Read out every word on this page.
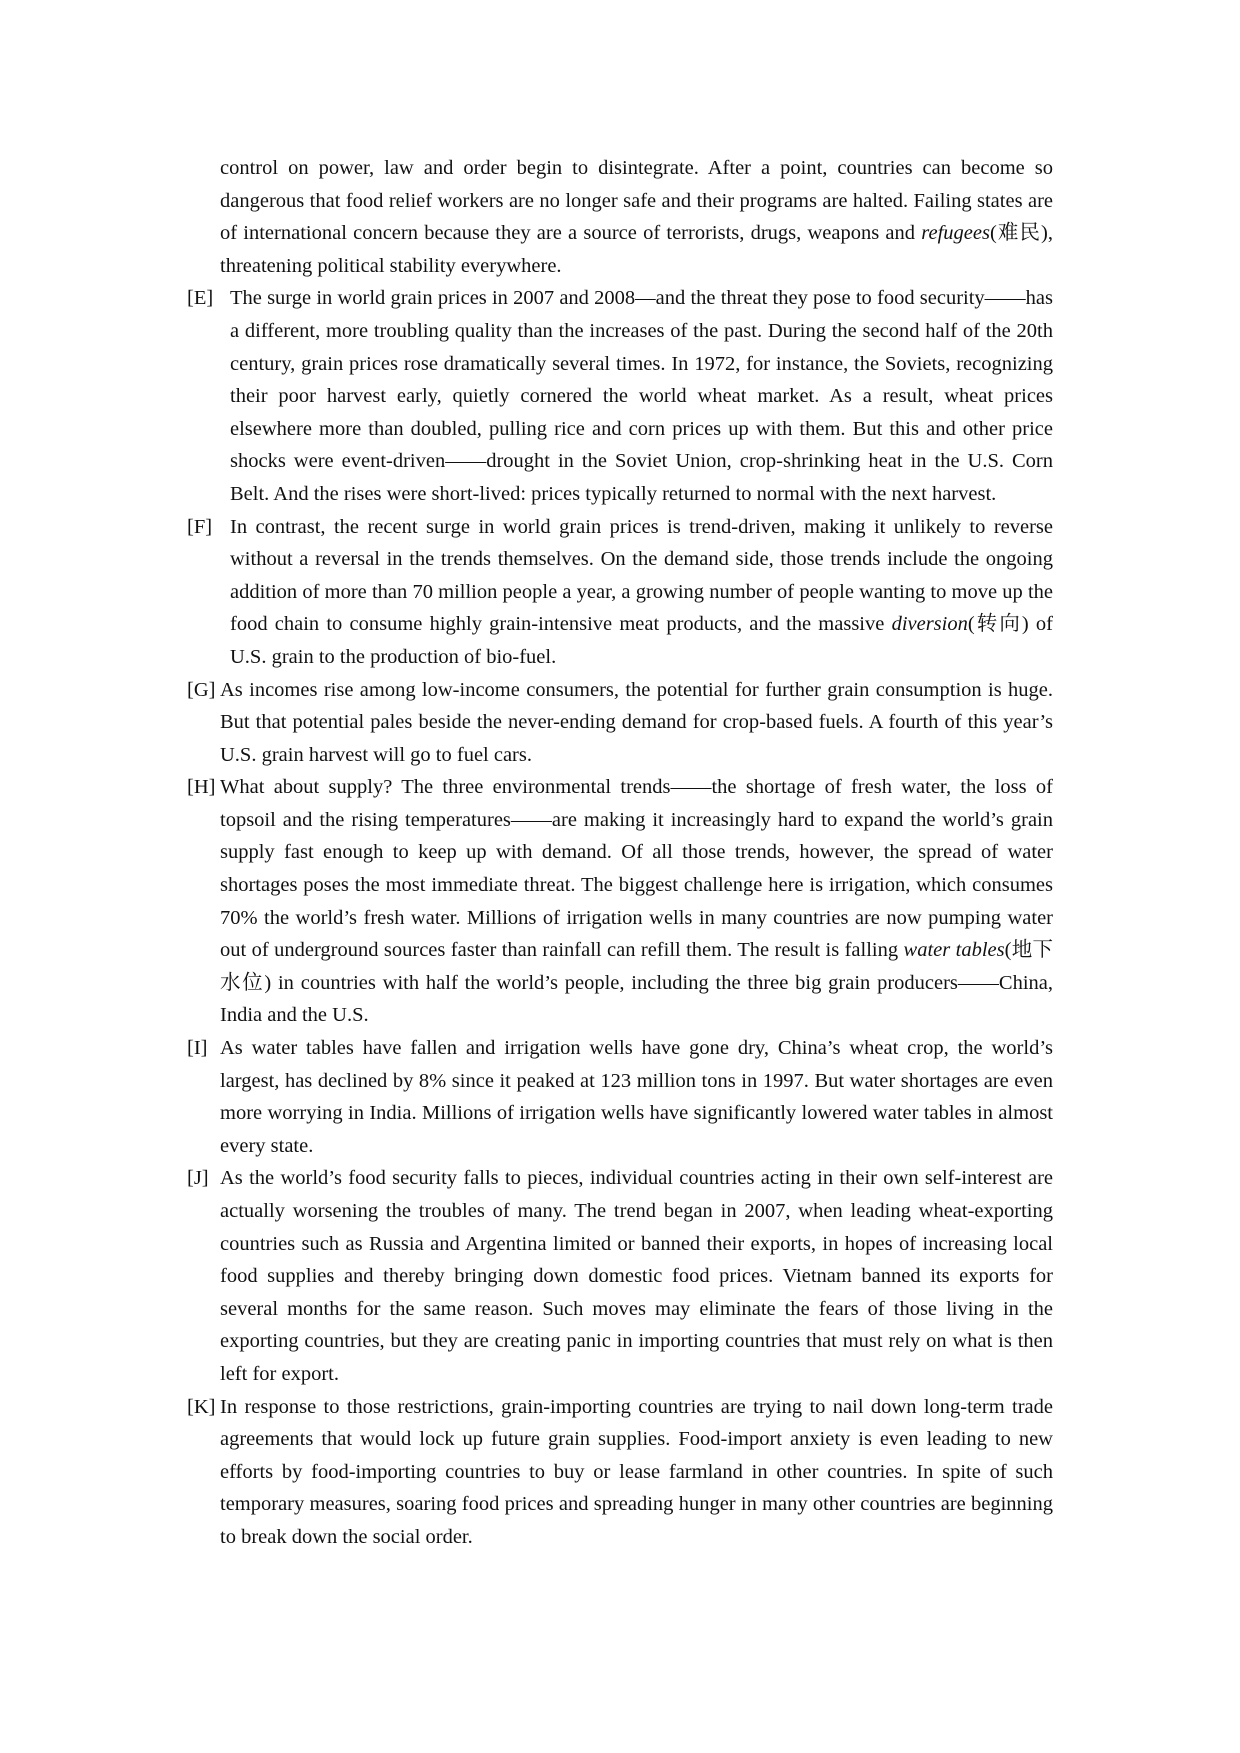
control on power, law and order begin to disintegrate. After a point, countries can become so dangerous that food relief workers are no longer safe and their programs are halted. Failing states are of international concern because they are a source of terrorists, drugs, weapons and refugees(难民), threatening political stability everywhere.

[E] The surge in world grain prices in 2007 and 2008—and the threat they pose to food security——has a different, more troubling quality than the increases of the past. During the second half of the 20th century, grain prices rose dramatically several times. In 1972, for instance, the Soviets, recognizing their poor harvest early, quietly cornered the world wheat market. As a result, wheat prices elsewhere more than doubled, pulling rice and corn prices up with them. But this and other price shocks were event-driven——drought in the Soviet Union, crop-shrinking heat in the U.S. Corn Belt. And the rises were short-lived: prices typically returned to normal with the next harvest.

[F] In contrast, the recent surge in world grain prices is trend-driven, making it unlikely to reverse without a reversal in the trends themselves. On the demand side, those trends include the ongoing addition of more than 70 million people a year, a growing number of people wanting to move up the food chain to consume highly grain-intensive meat products, and the massive diversion(转向) of U.S. grain to the production of bio-fuel.

[G] As incomes rise among low-income consumers, the potential for further grain consumption is huge. But that potential pales beside the never-ending demand for crop-based fuels. A fourth of this year’s U.S. grain harvest will go to fuel cars.

[H] What about supply? The three environmental trends——the shortage of fresh water, the loss of topsoil and the rising temperatures——are making it increasingly hard to expand the world’s grain supply fast enough to keep up with demand. Of all those trends, however, the spread of water shortages poses the most immediate threat. The biggest challenge here is irrigation, which consumes 70% the world’s fresh water. Millions of irrigation wells in many countries are now pumping water out of underground sources faster than rainfall can refill them. The result is falling water tables(地下水位) in countries with half the world’s people, including the three big grain producers——China, India and the U.S.

[I] As water tables have fallen and irrigation wells have gone dry, China’s wheat crop, the world’s largest, has declined by 8% since it peaked at 123 million tons in 1997. But water shortages are even more worrying in India. Millions of irrigation wells have significantly lowered water tables in almost every state.

[J] As the world’s food security falls to pieces, individual countries acting in their own self-interest are actually worsening the troubles of many. The trend began in 2007, when leading wheat-exporting countries such as Russia and Argentina limited or banned their exports, in hopes of increasing local food supplies and thereby bringing down domestic food prices. Vietnam banned its exports for several months for the same reason. Such moves may eliminate the fears of those living in the exporting countries, but they are creating panic in importing countries that must rely on what is then left for export.

[K] In response to those restrictions, grain-importing countries are trying to nail down long-term trade agreements that would lock up future grain supplies. Food-import anxiety is even leading to new efforts by food-importing countries to buy or lease farmland in other countries. In spite of such temporary measures, soaring food prices and spreading hunger in many other countries are beginning to break down the social order.
